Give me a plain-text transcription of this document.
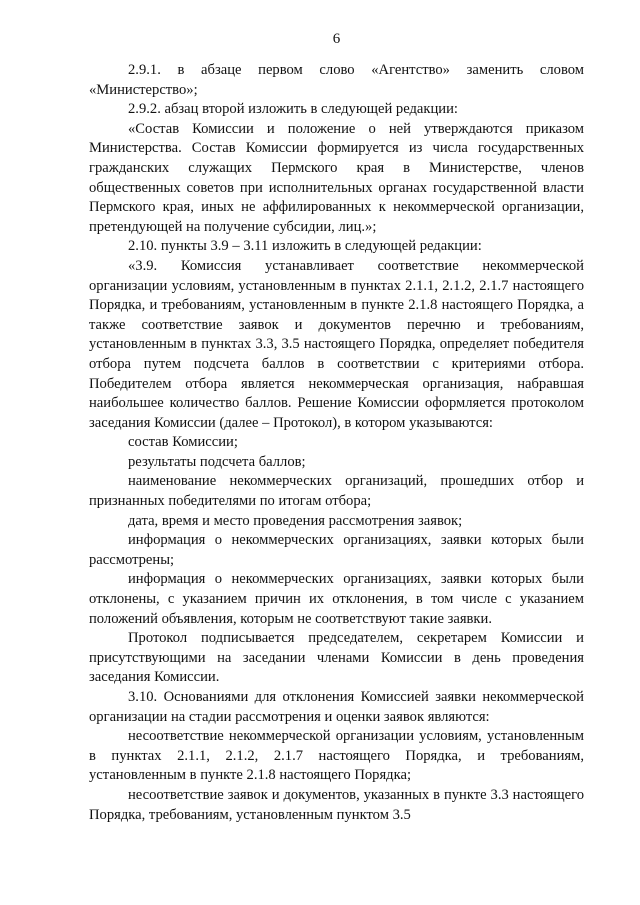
6

2.9.1. в абзаце первом слово «Агентство» заменить словом «Министерство»;

2.9.2. абзац второй изложить в следующей редакции:

«Состав Комиссии и положение о ней утверждаются приказом Министерства. Состав Комиссии формируется из числа государственных гражданских служащих Пермского края в Министерстве, членов общественных советов при исполнительных органах государственной власти Пермского края, иных не аффилированных к некоммерческой организации, претендующей на получение субсидии, лиц.»;

2.10. пункты 3.9 – 3.11 изложить в следующей редакции:

«3.9. Комиссия устанавливает соответствие некоммерческой организации условиям, установленным в пунктах 2.1.1, 2.1.2, 2.1.7 настоящего Порядка, и требованиям, установленным в пункте 2.1.8 настоящего Порядка, а также соответствие заявок и документов перечню и требованиям, установленным в пунктах 3.3, 3.5 настоящего Порядка, определяет победителя отбора путем подсчета баллов в соответствии с критериями отбора. Победителем отбора является некоммерческая организация, набравшая наибольшее количество баллов. Решение Комиссии оформляется протоколом заседания Комиссии (далее – Протокол), в котором указываются:

состав Комиссии;

результаты подсчета баллов;

наименование некоммерческих организаций, прошедших отбор и признанных победителями по итогам отбора;

дата, время и место проведения рассмотрения заявок;

информация о некоммерческих организациях, заявки которых были рассмотрены;

информация о некоммерческих организациях, заявки которых были отклонены, с указанием причин их отклонения, в том числе с указанием положений объявления, которым не соответствуют такие заявки.

Протокол подписывается председателем, секретарем Комиссии и присутствующими на заседании членами Комиссии в день проведения заседания Комиссии.

3.10. Основаниями для отклонения Комиссией заявки некоммерческой организации на стадии рассмотрения и оценки заявок являются:

несоответствие некоммерческой организации условиям, установленным в пунктах 2.1.1, 2.1.2, 2.1.7 настоящего Порядка, и требованиям, установленным в пункте 2.1.8 настоящего Порядка;

несоответствие заявок и документов, указанных в пункте 3.3 настоящего Порядка, требованиям, установленным пунктом 3.5
